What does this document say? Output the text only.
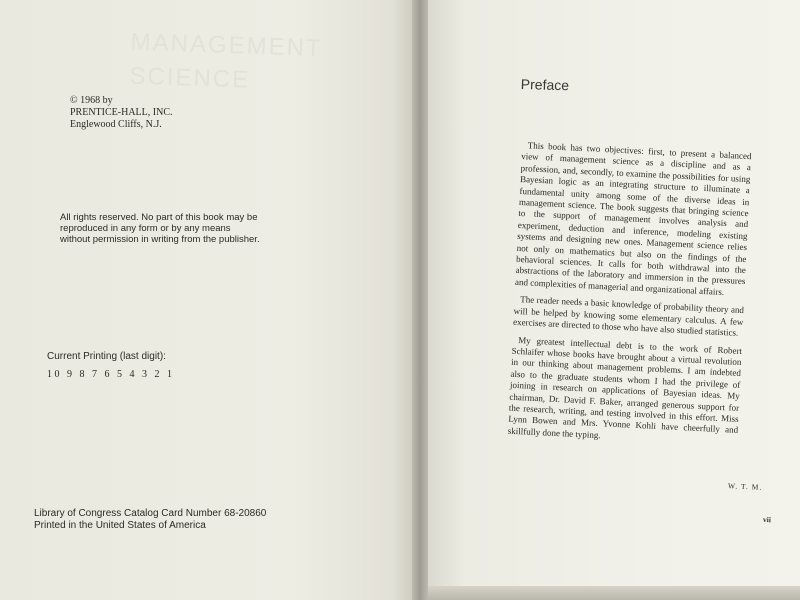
MANAGEMENT
SCIENCE
© 1968 by
PRENTICE-HALL, INC.
Englewood Cliffs, N.J.
All rights reserved. No part of this book may be reproduced in any form or by any means without permission in writing from the publisher.
Current Printing (last digit):
10 9 8 7 6 5 4 3 2 1
Library of Congress Catalog Card Number 68-20860
Printed in the United States of America
Preface

This book has two objectives: first, to present a balanced view of management science as a discipline and as a profession, and, secondly, to examine the possibilities for using Bayesian logic as an integrating structure to illuminate a fundamental unity among some of the diverse ideas in management science. The book suggests that bringing science to the support of management involves analysis and experiment, deduction and inference, modeling existing systems and designing new ones. Management science relies not only on mathematics but also on the findings of the behavioral sciences. It calls for both withdrawal into the abstractions of the laboratory and immersion in the pressures and complexities of managerial and organizational affairs.

The reader needs a basic knowledge of probability theory and will be helped by knowing some elementary calculus. A few exercises are directed to those who have also studied statistics.

My greatest intellectual debt is to the work of Robert Schlaifer whose books have brought about a virtual revolution in our thinking about management problems. I am indebted also to the graduate students whom I had the privilege of joining in research on applications of Bayesian ideas. My chairman, Dr. David F. Baker, arranged generous support for the research, writing, and testing involved in this effort. Miss Lynn Bowen and Mrs. Yvonne Kohli have cheerfully and skillfully done the typing.

W. T. M.
vii
